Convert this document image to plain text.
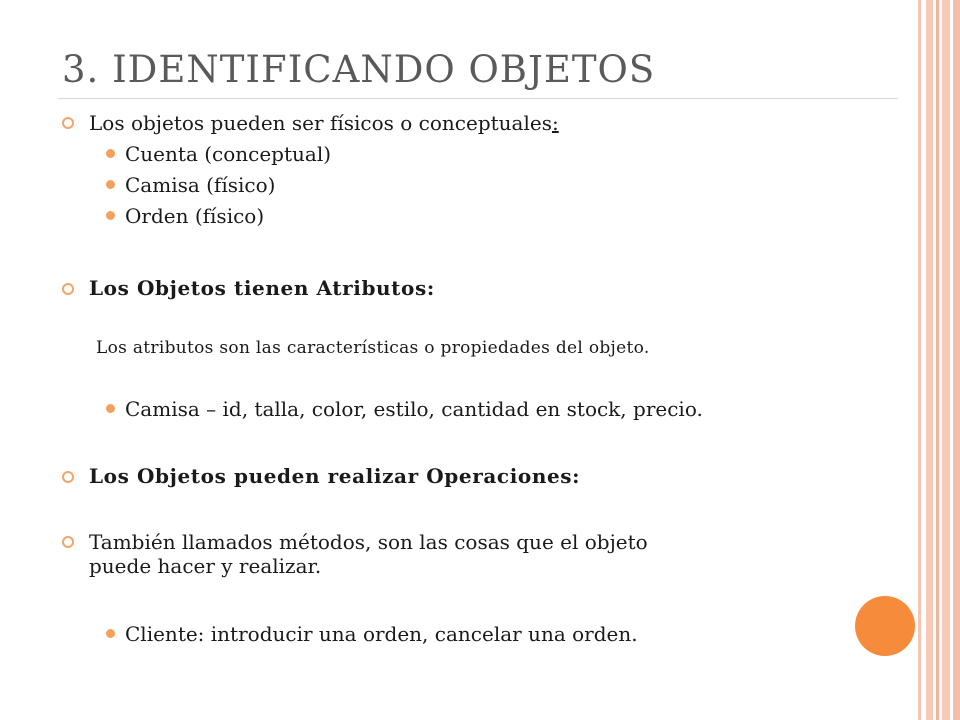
3. IDENTIFICANDO OBJETOS

Los objetos pueden ser físicos o conceptuales:

Cuenta (conceptual)

Camisa (físico)

Orden (físico)

Los Objetos tienen Atributos:

Los atributos son las características o propiedades del objeto.

Camisa – id, talla, color, estilo, cantidad en stock, precio.

Los Objetos pueden realizar Operaciones:

También llamados métodos, son las cosas que el objeto

puede hacer y realizar.

Cliente: introducir una orden, cancelar una orden.
